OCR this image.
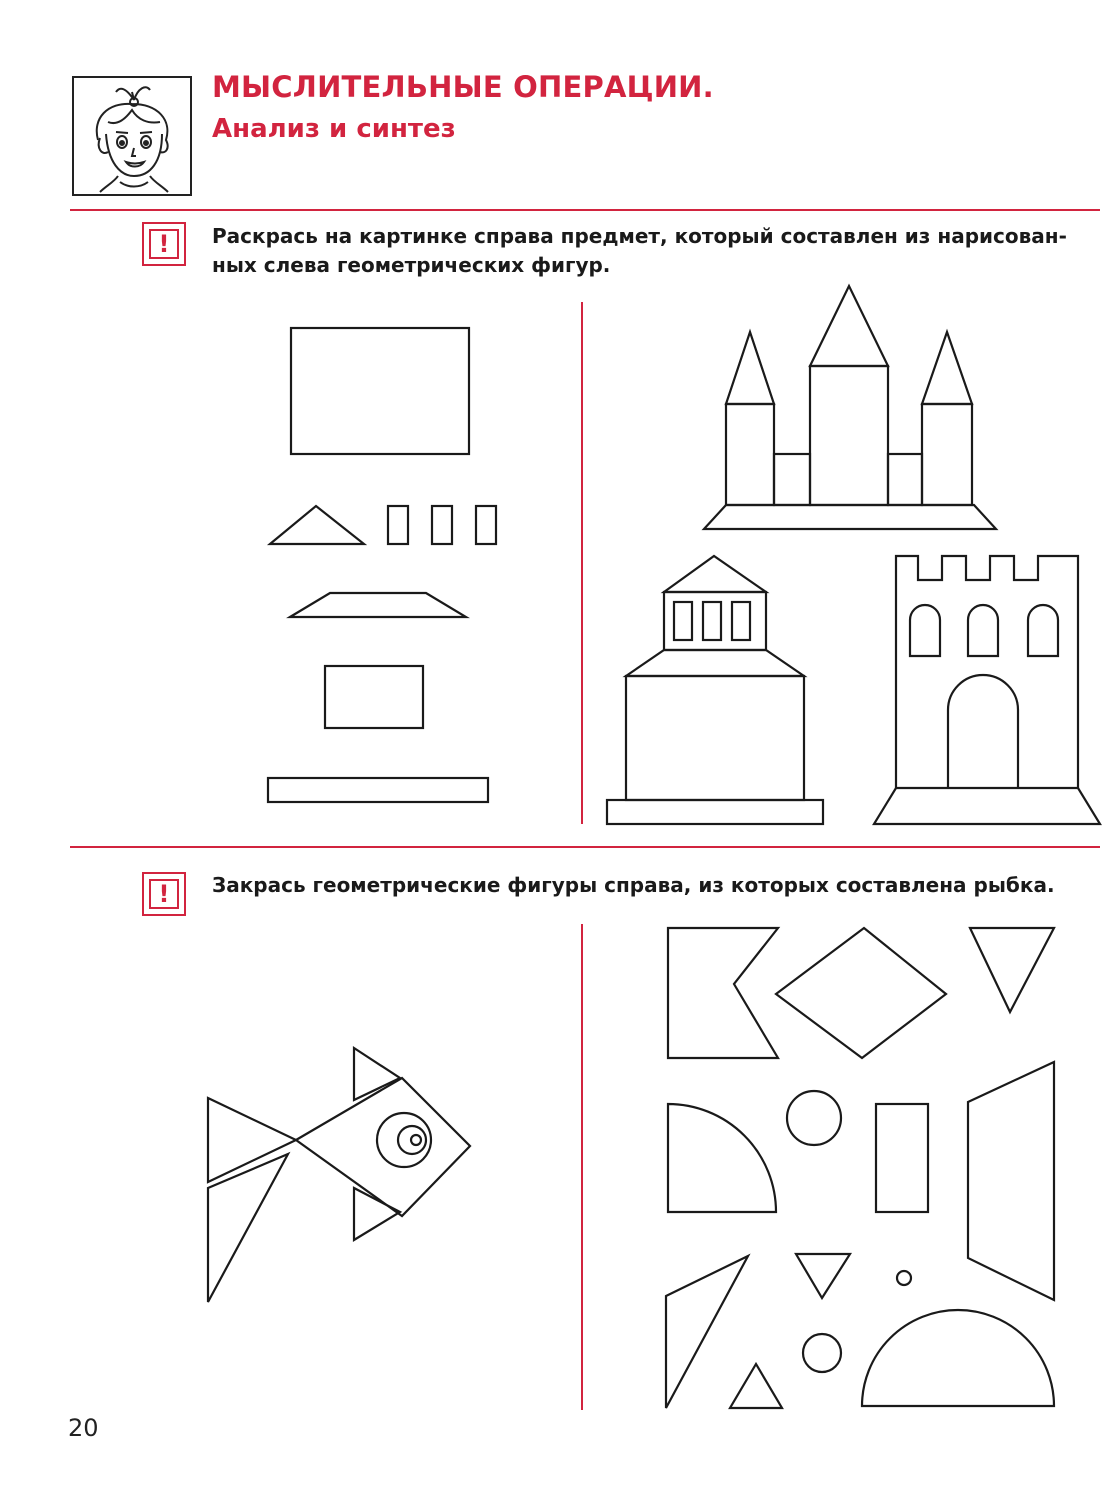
МЫСЛИТЕЛЬНЫЕ ОПЕРАЦИИ.
Анализ и синтез
!	Раскрась на картинке справа предмет, который составлен из нарисован-
ных слева геометрических фигур.
!	Закрась геометрические фигуры справа, из которых составлена рыбка.
20
